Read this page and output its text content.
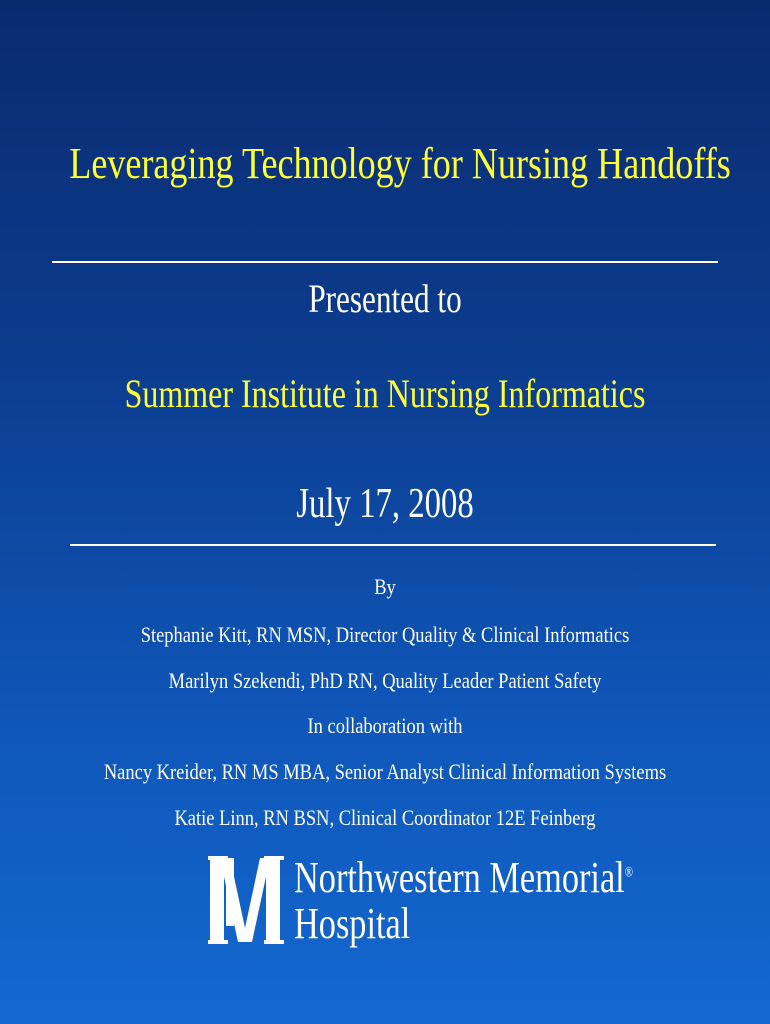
Leveraging Technology for Nursing Handoffs
Presented to
Summer Institute in Nursing Informatics
July 17, 2008
By
Stephanie Kitt, RN MSN, Director Quality & Clinical Informatics
Marilyn Szekendi, PhD RN, Quality Leader Patient Safety
In collaboration with
Nancy Kreider, RN MS MBA, Senior Analyst Clinical Information Systems
Katie Linn, RN BSN, Clinical Coordinator 12E Feinberg
Northwestern Memorial®
Hospital
